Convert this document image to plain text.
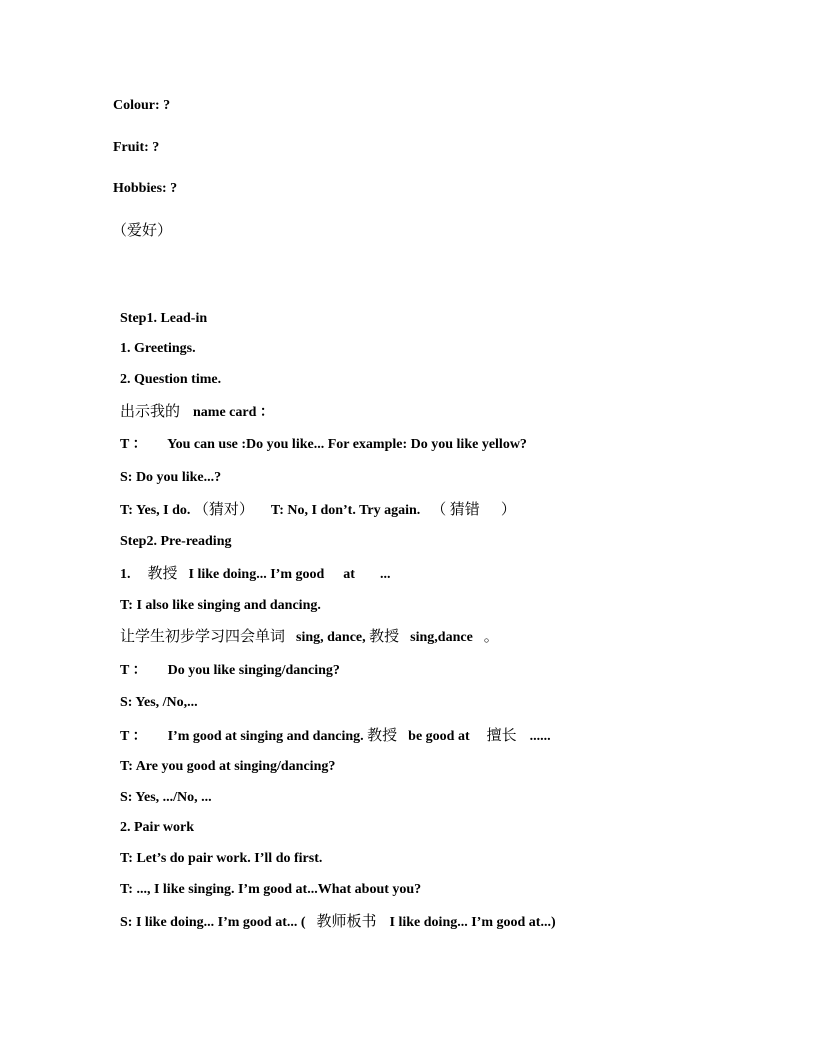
Colour: ?
Fruit: ?
Hobbies: ?
（爱好）
Step1. Lead-in
1. Greetings.
2. Question time.
出示我的 name card ：
T ： You can use :Do you like... For example: Do you like yellow?
S: Do you like...?
T: Yes, I do. （猜对） T: No, I don’t. Try again. （ 猜错 ）
Step2. Pre-reading
1. 教授 I like doing... I’m good at ...
T: I also like singing and dancing.
让学生初步学习四会单词 sing, dance, 教授 sing,dance 。
T ： Do you like singing/dancing?
S: Yes, /No,...
T ： I’m good at singing and dancing. 教授 be good at 擅长 ......
T: Are you good at singing/dancing?
S: Yes, .../No, ...
2. Pair work
T: Let’s do pair work. I’ll do first.
T: ..., I like singing. I’m good at...What about you?
S: I like doing... I’m good at... ( 教师板书 I like doing... I’m good at...)
